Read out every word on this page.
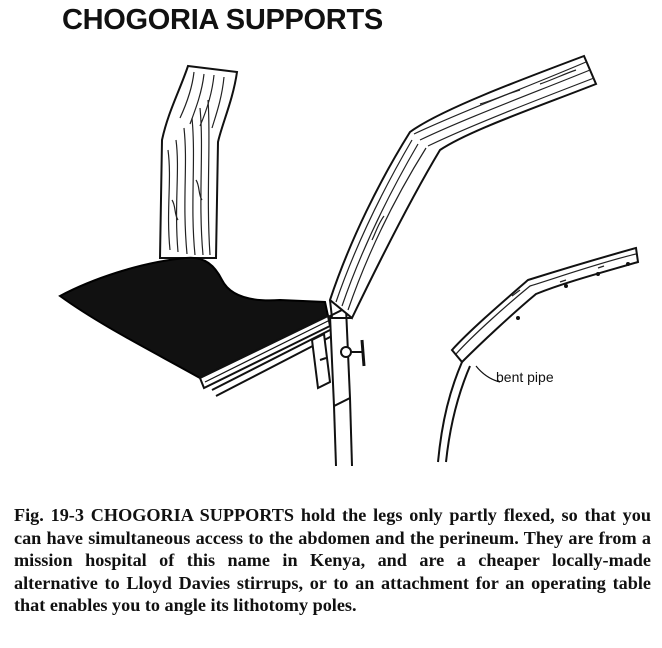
CHOGORIA SUPPORTS
bent pipe

Fig. 19-3 CHOGORIA SUPPORTS hold the legs only partly flexed, so that you can have simultaneous access to the abdomen and the perineum. They are from a mission hospital of this name in Kenya, and are a cheaper locally-made alternative to Lloyd Davies stirrups, or to an attachment for an operating table that enables you to angle its lithotomy poles.
